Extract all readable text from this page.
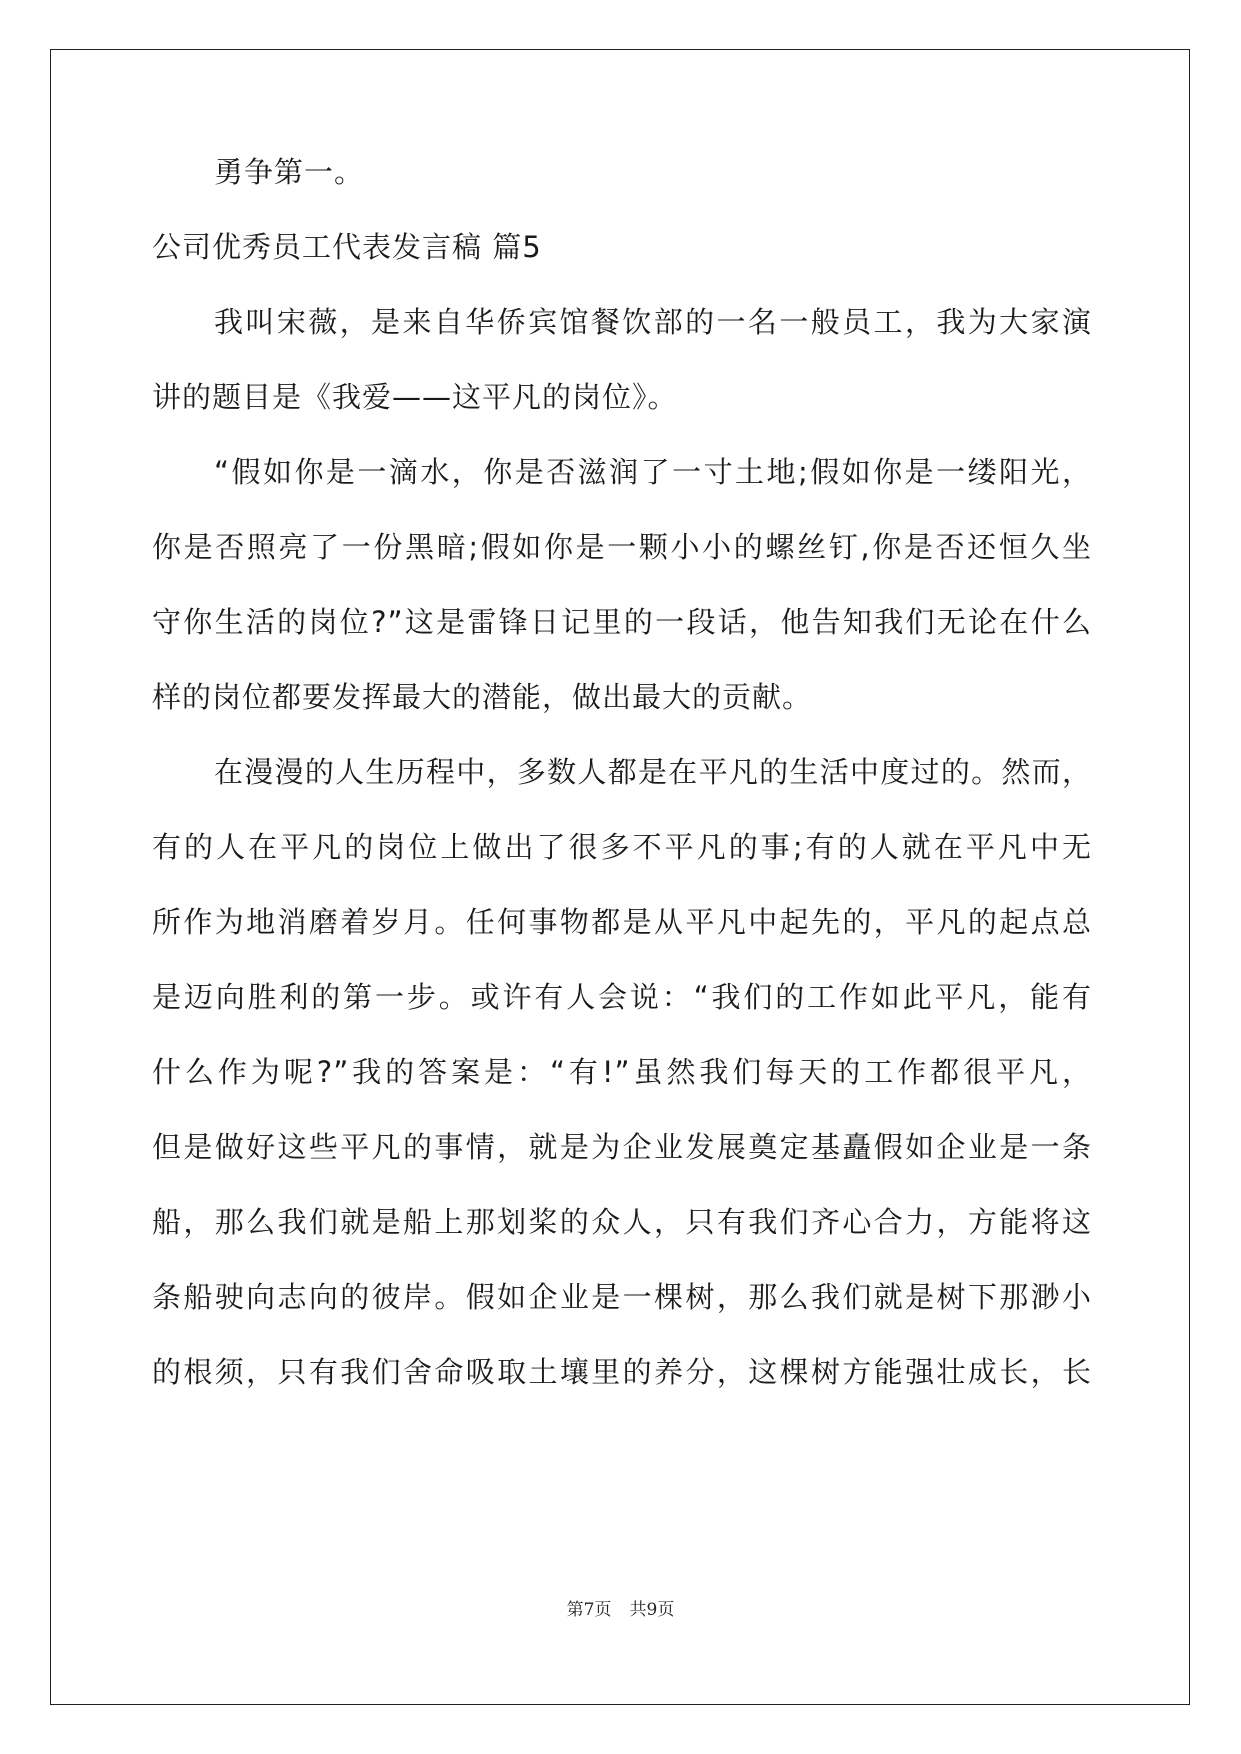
勇争第一。
公司优秀员工代表发言稿 篇5
我叫宋薇，是来自华侨宾馆餐饮部的一名一般员工，我为大家演
讲的题目是《我爱——这平凡的岗位》。
“假如你是一滴水，你是否滋润了一寸土地;假如你是一缕阳光，
你是否照亮了一份黑暗;假如你是一颗小小的螺丝钉,你是否还恒久坐
守你生活的岗位?”这是雷锋日记里的一段话，他告知我们无论在什么
样的岗位都要发挥最大的潜能，做出最大的贡献。
在漫漫的人生历程中，多数人都是在平凡的生活中度过的。然而，
有的人在平凡的岗位上做出了很多不平凡的事;有的人就在平凡中无
所作为地消磨着岁月。任何事物都是从平凡中起先的，平凡的起点总
是迈向胜利的第一步。或许有人会说：“我们的工作如此平凡，能有
什么作为呢?”我的答案是：“有!”虽然我们每天的工作都很平凡，
但是做好这些平凡的事情，就是为企业发展奠定基矗假如企业是一条
船，那么我们就是船上那划桨的众人，只有我们齐心合力，方能将这
条船驶向志向的彼岸。假如企业是一棵树，那么我们就是树下那渺小
的根须，只有我们舍命吸取土壤里的养分，这棵树方能强壮成长，长
第7页 共9页
